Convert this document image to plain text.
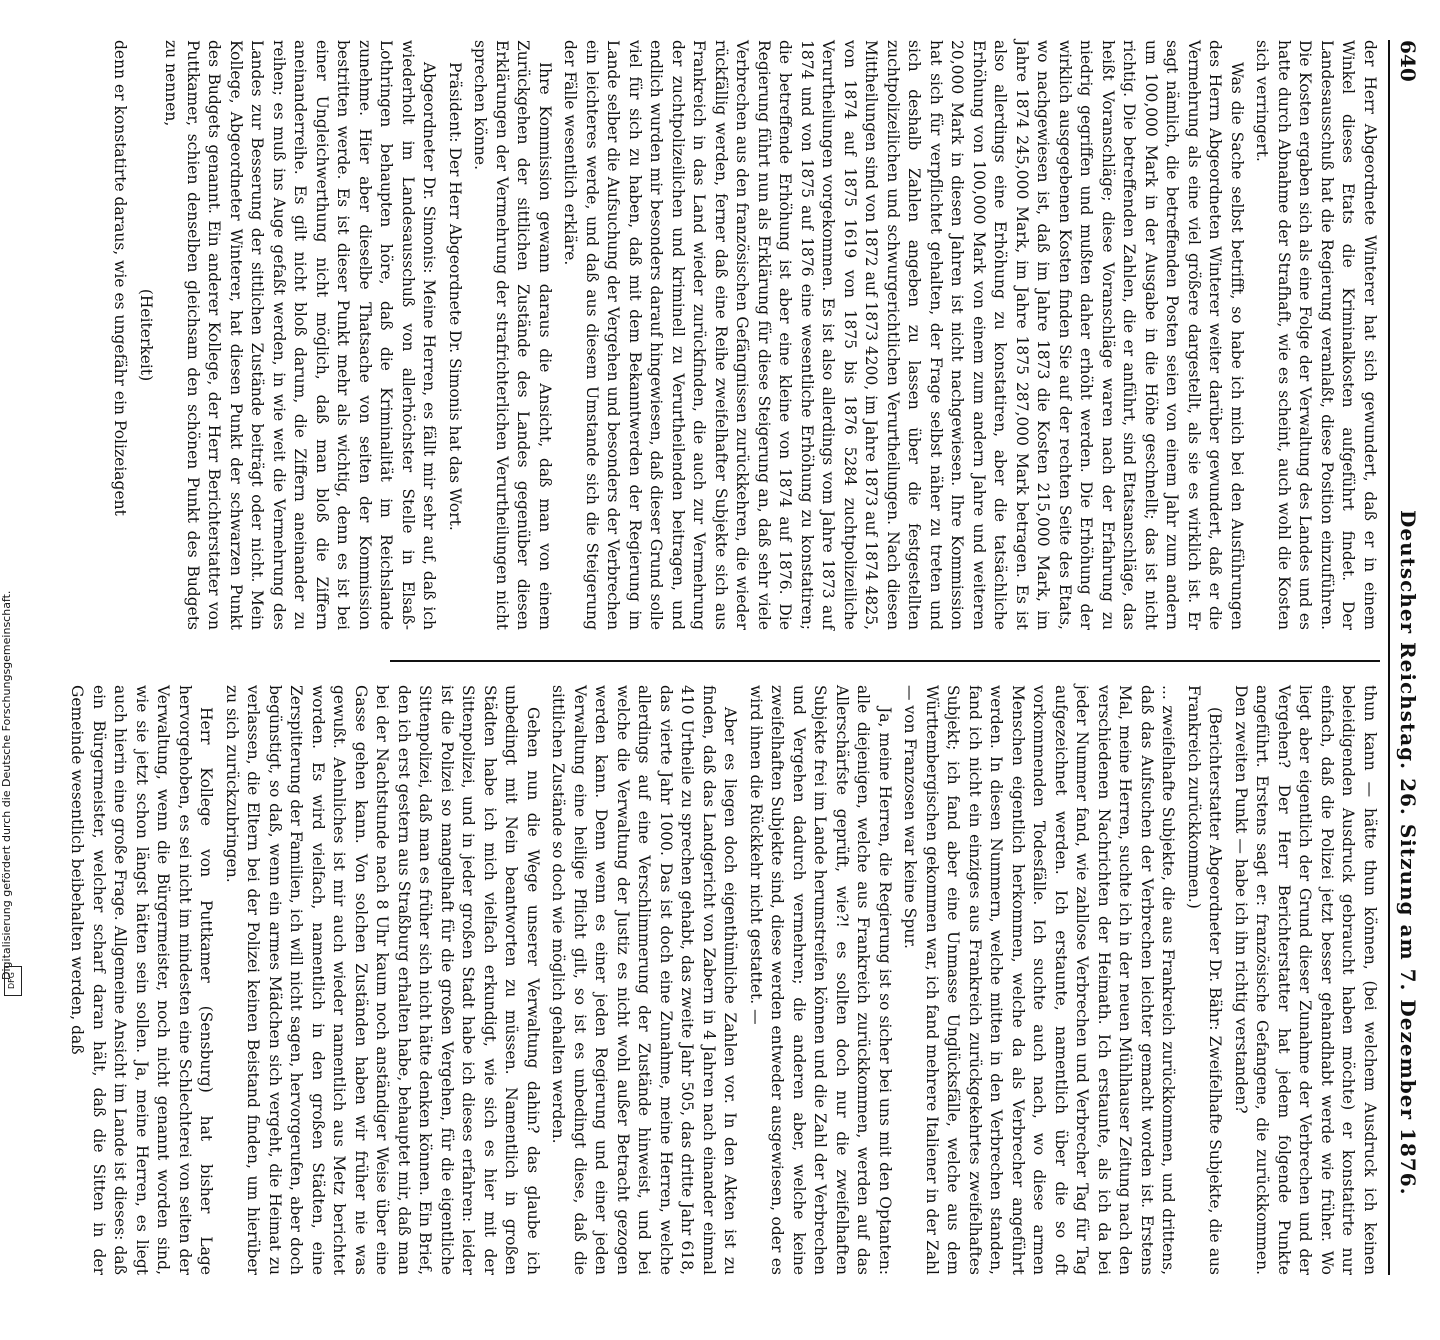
Digitalisierung gefördert durch die Deutsche Forschungsgemeinschaft.
DFG
640
Deutscher Reichstag. 26. Sitzung am 7. Dezember 1876.

der Herr Abgeordnete Winterer hat sich gewundert, daß er in einem Winkel dieses Etats die Kriminalkosten aufgeführt findet. Der Landesausschuß hat die Regierung veranlaßt, diese Position einzuführen. Die Kosten ergaben sich als eine Folge der Verwaltung des Landes und es hatte durch Abnahme der Strafhaft, wie es scheint, auch wohl die Kosten sich verringert.

Was die Sache selbst betrifft, so habe ich mich bei den Ausführungen des Herrn Abgeordneten Winterer weiter darüber gewundert, daß er die Vermehrung als eine viel größere dargestellt, als sie es wirklich ist. Er sagt nämlich, die betreffenden Posten seien von einem Jahr zum andern um 100,000 Mark in der Ausgabe in die Höhe geschnellt; das ist nicht richtig. Die betreffenden Zahlen, die er anführt, sind Etatsanschläge, das heißt Voranschläge; diese Voranschläge waren nach der Erfahrung zu niedrig gegriffen und mußten daher erhöht werden. Die Erhöhung der wirklich ausgegebenen Kosten finden Sie auf der rechten Seite des Etats, wo nachgewiesen ist, daß im Jahre 1873 die Kosten 215,000 Mark, im Jahre 1874 245,000 Mark, im Jahre 1875 287,000 Mark betragen. Es ist also allerdings eine Erhöhung zu konstatiren, aber die tatsächliche Erhöhung von 100,000 Mark von einem zum andern Jahre und weiteren 20,000 Mark in diesen Jahren ist nicht nachgewiesen. Ihre Kommission hat sich für verpflichtet gehalten, der Frage selbst näher zu treten und sich deshalb Zahlen angeben zu lassen über die festgestellten zuchtpolizeilichen und schwurgerichtlichen Verurtheilungen. Nach diesen Mittheilungen sind von 1872 auf 1873 4200, im Jahre 1873 auf 1874 4825, von 1874 auf 1875 1619 von 1875 bis 1876 5284 zuchtpolizeiliche Verurtheilungen vorgekommen. Es ist also allerdings vom Jahre 1873 auf 1874 und von 1875 auf 1876 eine wesentliche Erhöhung zu konstatiren; die betreffende Erhöhung ist aber eine kleine von 1874 auf 1876. Die Regierung führt nun als Erklärung für diese Steigerung an, daß sehr viele Verbrechen aus den französischen Gefängnissen zurückkehren, die wieder rückfällig werden, ferner daß eine Reihe zweifelhafter Subjekte sich aus Frankreich in das Land wieder zurückfinden, die auch zur Vermehrung der zuchtpolizeilichen und kriminell zu Verurtheilenden beitragen, und endlich wurden mir besonders darauf hingewiesen, daß dieser Grund solle viel für sich zu haben, daß mit dem Bekanntwerden der Regierung im Lande selber die Aufsuchung der Vergehen und besonders der Verbrechen ein leichteres werde, und daß aus diesem Umstande sich die Steigerung der Fälle wesentlich erkläre.

Ihre Kommission gewann daraus die Ansicht, daß man von einem Zurückgehen der sittlichen Zustände des Landes gegenüber diesen Erklärungen der Vermehrung der strafrichterlichen Verurtheilungen nicht sprechen könne.

Präsident: Der Herr Abgeordnete Dr. Simonis hat das Wort.

Abgeordneter Dr. Simonis: Meine Herren, es fällt mir sehr auf, daß ich wiederholt im Landesausschuß von allerhöchster Stelle in Elsaß-Lothringen behaupten höre, daß die Kriminalität im Reichslande zunehme. Hier aber dieselbe Thatsache von seiten der Kommission bestritten werde. Es ist dieser Punkt mehr als wichtig, denn es ist bei einer Ungleichwerthung nicht möglich, daß man bloß die Ziffern aneinanderreihe. Es gilt nicht bloß darum, die Ziffern aneinander zu reihen; es muß ins Auge gefaßt werden, in wie weit die Vermehrung des Landes zur Besserung der sittlichen Zustände beiträgt oder nicht. Mein Kollege, Abgeordneter Winterer, hat diesen Punkt der schwarzen Punkt des Budgets genannt. Ein anderer Kollege, der Herr Berichterstatter von Puttkamer, schien denselben gleichsam den schönen Punkt des Budgets zu nennen,

(Heiterkeit)

denn er konstatirte daraus, wie es ungefähr ein Polizeiagent

thun kann — hätte thun können, (bei welchem Ausdruck ich keinen beleidigenden Ausdruck gebraucht haben möchte) er konstatirte nur einfach, daß die Polizei jetzt besser gehandhabt werde wie früher. Wo liegt aber eigentlich der Grund dieser Zunahme der Verbrechen und der Vergehen? Der Herr Berichterstatter hat jedem folgende Punkte angeführt. Erstens sagt er: französische Gefangene, die zurückkommen. Den zweiten Punkt — habe ich ihn richtig verstanden?

(Berichterstatter Abgeordneter Dr. Bähr: Zweifelhafte Subjekte, die aus Frankreich zurückkommen.)

... zweifelhafte Subjekte, die aus Frankreich zurückkommen, und drittens, daß das Aufsuchen der Verbrechen leichter gemacht worden ist. Erstens Mal, meine Herren, suchte ich in der neuen Mühlhauser Zeitung nach den verschiedenen Nachrichten der Heimath. Ich erstaunte, als ich da bei jeder Nummer fand, wie zahllose Verbrechen und Verbrecher Tag für Tag aufgezeichnet werden. Ich erstaunte, namentlich über die so oft vorkommenden Todesfälle. Ich suchte auch nach, wo diese armen Menschen eigentlich herkommen, welche da als Verbrecher angeführt werden. In diesen Nummern, welche mitten in den Verbrechen standen, fand ich nicht ein einziges aus Frankreich zurückgekehrtes zweifelhaftes Subjekt; ich fand aber eine Unmasse Unglücksfälle, welche aus dem Württembergischen gekommen war, ich fand mehrere Italiener in der Zahl — von Franzosen war keine Spur.

Ja, meine Herren, die Regierung ist so sicher bei uns mit den Optanten: alle diejenigen, welche aus Frankreich zurückkommen, werden auf das Allerschärfste geprüft, wie?! es sollten doch nur die zweifelhaften Subjekte frei im Lande herumstreifen können und die Zahl der Verbrechen und Vergehen dadurch vermehren; die anderen aber, welche keine zweifelhaften Subjekte sind, diese werden entweder ausgewiesen, oder es wird ihnen die Rückkehr nicht gestattet. —

Aber es liegen doch eigenthümliche Zahlen vor. In den Akten ist zu finden, daß das Landgericht von Zabern in 4 Jahren nach einander einmal 410 Urtheile zu sprechen gehabt, das zweite Jahr 505, das dritte Jahr 618, das vierte Jahr 1000. Das ist doch eine Zunahme, meine Herren, welche allerdings auf eine Verschlimmerung der Zustände hinweist, und bei welche die Verwaltung der Justiz es nicht wohl außer Betracht gezogen werden kann. Denn wenn es einer jeden Regierung und einer jeden Verwaltung eine heilige Pflicht gilt, so ist es unbedingt diese, daß die sittlichen Zustände so doch wie möglich gehalten werden.

Gehen nun die Wege unserer Verwaltung dahin? das glaube ich unbedingt mit Nein beantworten zu müssen. Namentlich in großen Städten habe ich mich vielfach erkundigt, wie sich es hier mit der Sittenpolizei, und in jeder großen Stadt habe ich dieses erfahren: leider ist die Polizei so mangelhaft für die großen Vergehen, für die eigentliche Sittenpolizei, daß man es früher sich nicht hätte denken können. Ein Brief, den ich erst gestern aus Straßburg erhalten habe, behauptet mir, daß man bei der Nachtstunde nach 8 Uhr kaum noch anständiger Weise über eine Gasse gehen kann. Von solchen Zuständen haben wir früher nie was gewußt. Aehnliches ist mir auch wieder namentlich aus Metz berichtet worden. Es wird vielfach, namentlich in den großen Städten, eine Zerspitterung der Familien, ich will nicht sagen, hervorgerufen, aber doch begünstigt, so daß, wenn ein armes Mädchen sich vergeht, die Heimat zu verlassen, die Eltern bei der Polizei keinen Beistand finden, um hierüber zu sich zurückzubringen.

Herr Kollege von Puttkamer (Sensburg) hat bisher Lage hervorgehoben, es sei nicht im mindesten eine Schlechterei von seiten der Verwaltung, wenn die Bürgermeister, noch nicht genannt worden sind, wie sie jetzt schon längst hätten sein sollen. Ja, meine Herren, es liegt auch hierin eine große Frage. Allgemeine Ansicht im Lande ist dieses: daß ein Bürgermeister, welcher scharf daran hält, daß die Sitten in der Gemeinde wesentlich beibehalten werden, daß
